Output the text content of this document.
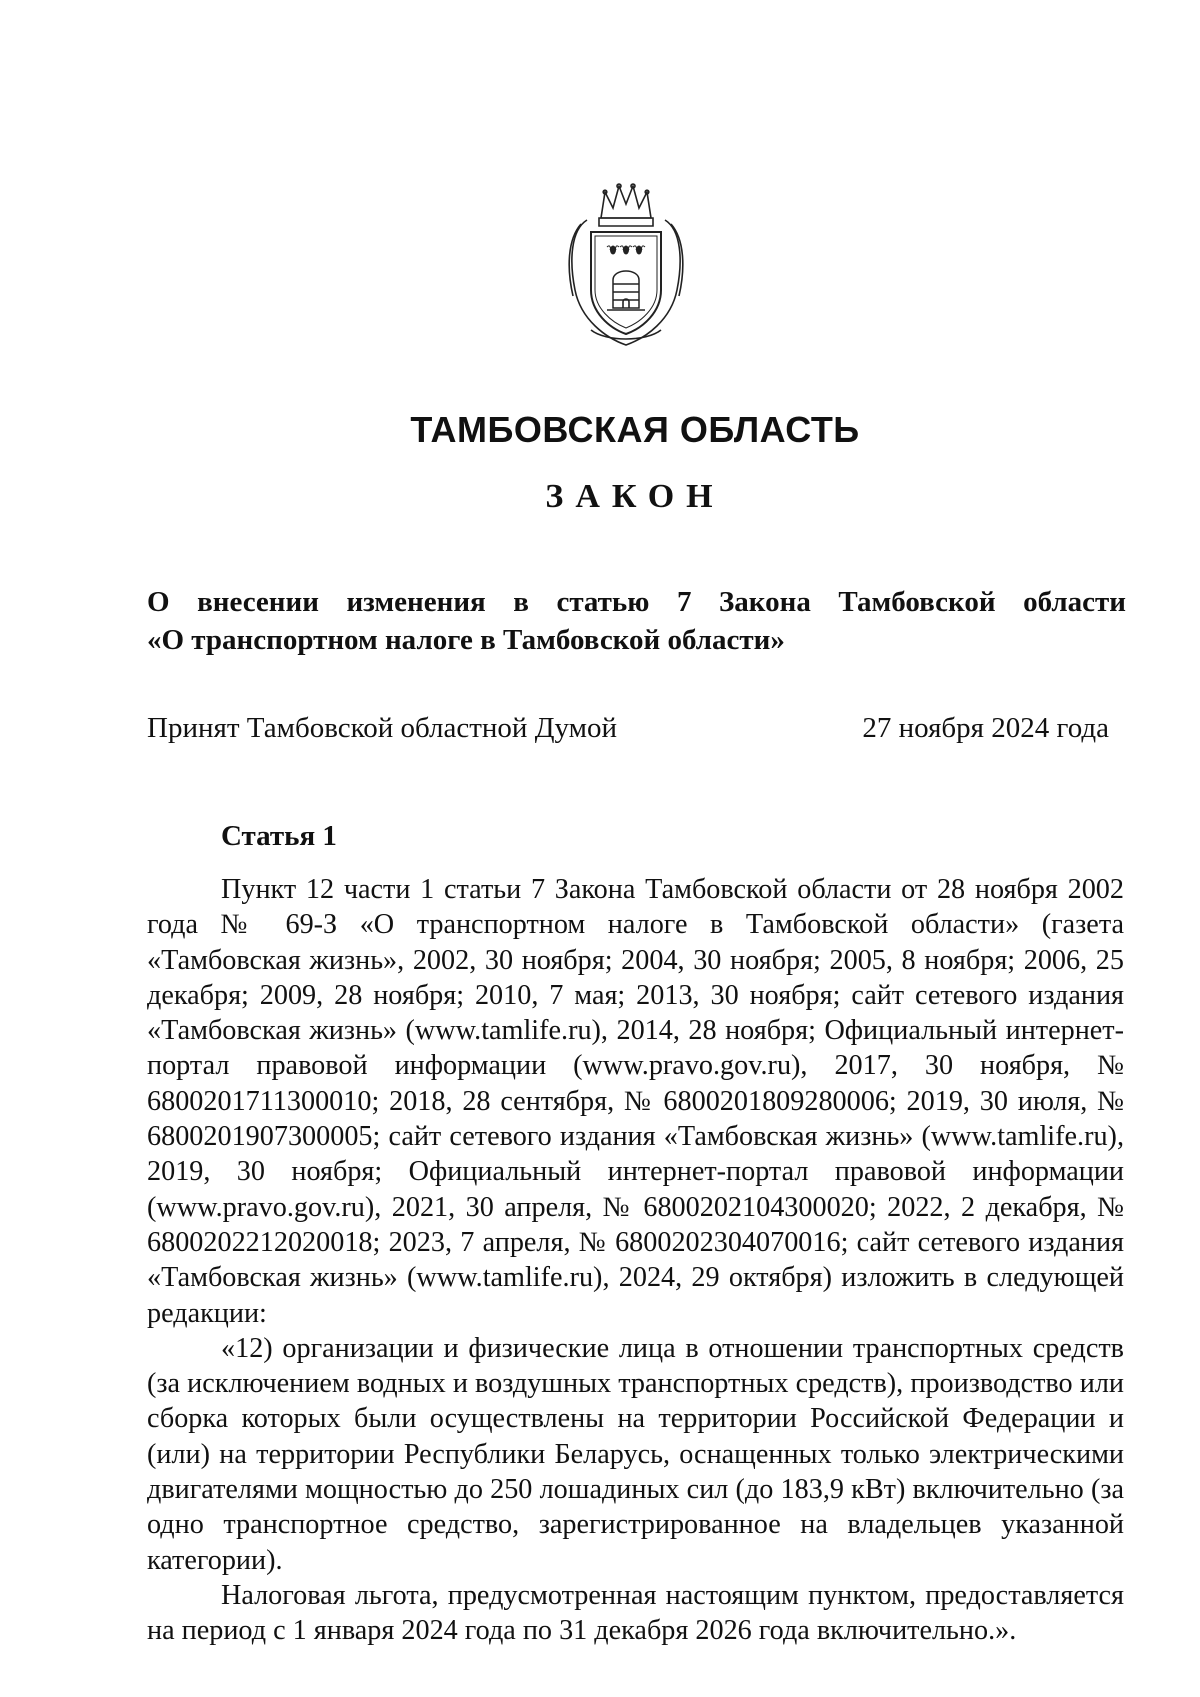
ТАМБОВСКАЯ ОБЛАСТЬ
ЗАКОН
О внесении изменения в статью 7 Закона Тамбовской области
«О транспортном налоге в Тамбовской области»
Принят Тамбовской областной Думой	27 ноября 2024 года
Статья 1

Пункт 12 части 1 статьи 7 Закона Тамбовской области от 28 ноября 2002 года № 69-З «О транспортном налоге в Тамбовской области» (газета «Тамбовская жизнь», 2002, 30 ноября; 2004, 30 ноября; 2005, 8 ноября; 2006, 25 декабря; 2009, 28 ноября; 2010, 7 мая; 2013, 30 ноября; сайт сетевого издания «Тамбовская жизнь» (www.tamlife.ru), 2014, 28 ноября; Официальный интернет-портал правовой информации (www.pravo.gov.ru), 2017, 30 ноября, № 6800201711300010; 2018, 28 сентября, № 6800201809280006; 2019, 30 июля, № 6800201907300005; сайт сетевого издания «Тамбовская жизнь» (www.tamlife.ru), 2019, 30 ноября; Официальный интернет-портал правовой информации (www.pravo.gov.ru), 2021, 30 апреля, № 6800202104300020; 2022, 2 декабря, № 6800202212020018; 2023, 7 апреля, № 6800202304070016; сайт сетевого издания «Тамбовская жизнь» (www.tamlife.ru), 2024, 29 октября) изложить в следующей редакции:

«12) организации и физические лица в отношении транспортных средств (за исключением водных и воздушных транспортных средств), производство или сборка которых были осуществлены на территории Российской Федерации и (или) на территории Республики Беларусь, оснащенных только электрическими двигателями мощностью до 250 лошадиных сил (до 183,9 кВт) включительно (за одно транспортное средство, зарегистрированное на владельцев указанной категории).

Налоговая льгота, предусмотренная настоящим пунктом, предоставляется на период с 1 января 2024 года по 31 декабря 2026 года включительно.».
